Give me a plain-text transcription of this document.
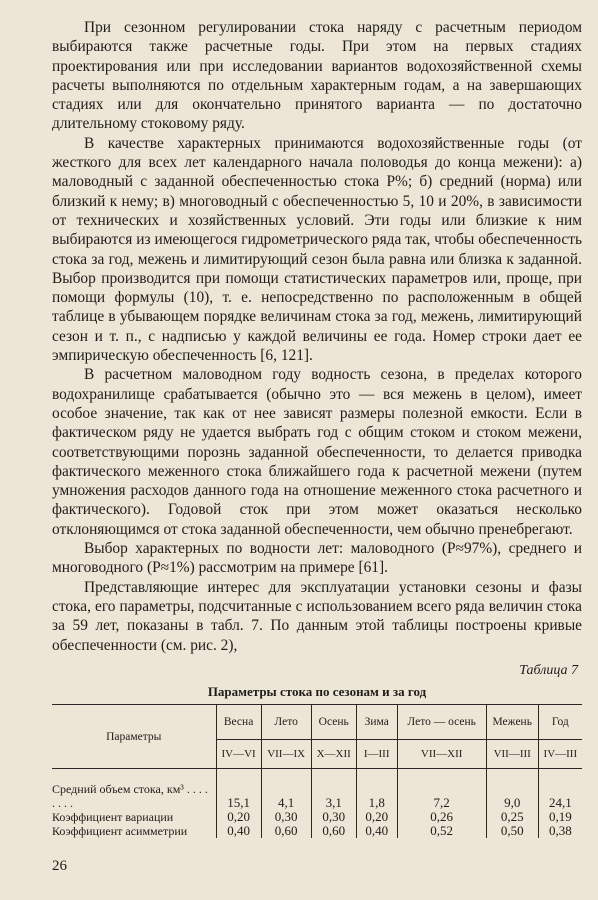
При сезонном регулировании стока наряду с расчетным периодом выбираются также расчетные годы. При этом на первых стадиях проектирования или при исследовании вариантов водохозяйственной схемы расчеты выполняются по отдельным характерным годам, а на завершающих стадиях или для окончательно принятого варианта — по достаточно длительному стоковому ряду.

В качестве характерных принимаются водохозяйственные годы (от жесткого для всех лет календарного начала половодья до конца межени): а) маловодный с заданной обеспеченностью стока P%; б) средний (норма) или близкий к нему; в) многоводный с обеспеченностью 5, 10 и 20%, в зависимости от технических и хозяйственных условий. Эти годы или близкие к ним выбираются из имеющегося гидрометрического ряда так, чтобы обеспеченность стока за год, межень и лимитирующий сезон была равна или близка к заданной. Выбор производится при помощи статистических параметров или, проще, при помощи формулы (10), т. е. непосредственно по расположенным в общей таблице в убывающем порядке величинам стока за год, межень, лимитирующий сезон и т. п., с надписью у каждой величины ее года. Номер строки дает ее эмпирическую обеспеченность [6, 121].

В расчетном маловодном году водность сезона, в пределах которого водохранилище срабатывается (обычно это — вся межень в целом), имеет особое значение, так как от нее зависят размеры полезной емкости. Если в фактическом ряду не удается выбрать год с общим стоком и стоком межени, соответствующими порознь заданной обеспеченности, то делается приводка фактического меженного стока ближайшего года к расчетной межени (путем умножения расходов данного года на отношение меженного стока расчетного и фактического). Годовой сток при этом может оказаться несколько отклоняющимся от стока заданной обеспеченности, чем обычно пренебрегают.

Выбор характерных по водности лет: маловодного (P≈97%), среднего и многоводного (P≈1%) рассмотрим на примере [61].

Представляющие интерес для эксплуатации установки сезоны и фазы стока, его параметры, подсчитанные с использованием всего ряда величин стока за 59 лет, показаны в табл. 7. По данным этой таблицы построены кривые обеспеченности (см. рис. 2),

Таблица 7
Параметры стока по сезонам и за год
Параметры	Весна	Лето	Осень	Зима	Лето — осень	Межень	Год
	IV—VI	VII—IX	X—XII	I—III	VII—XII	VII—III	IV—III
Средний объем стока, км³ . . . . . . . .	15,1	4,1	3,1	1,8	7,2	9,0	24,1
Коэффициент вариации	0,20	0,30	0,30	0,20	0,26	0,25	0,19
Коэффициент асимметрии	0,40	0,60	0,60	0,40	0,52	0,50	0,38
26
